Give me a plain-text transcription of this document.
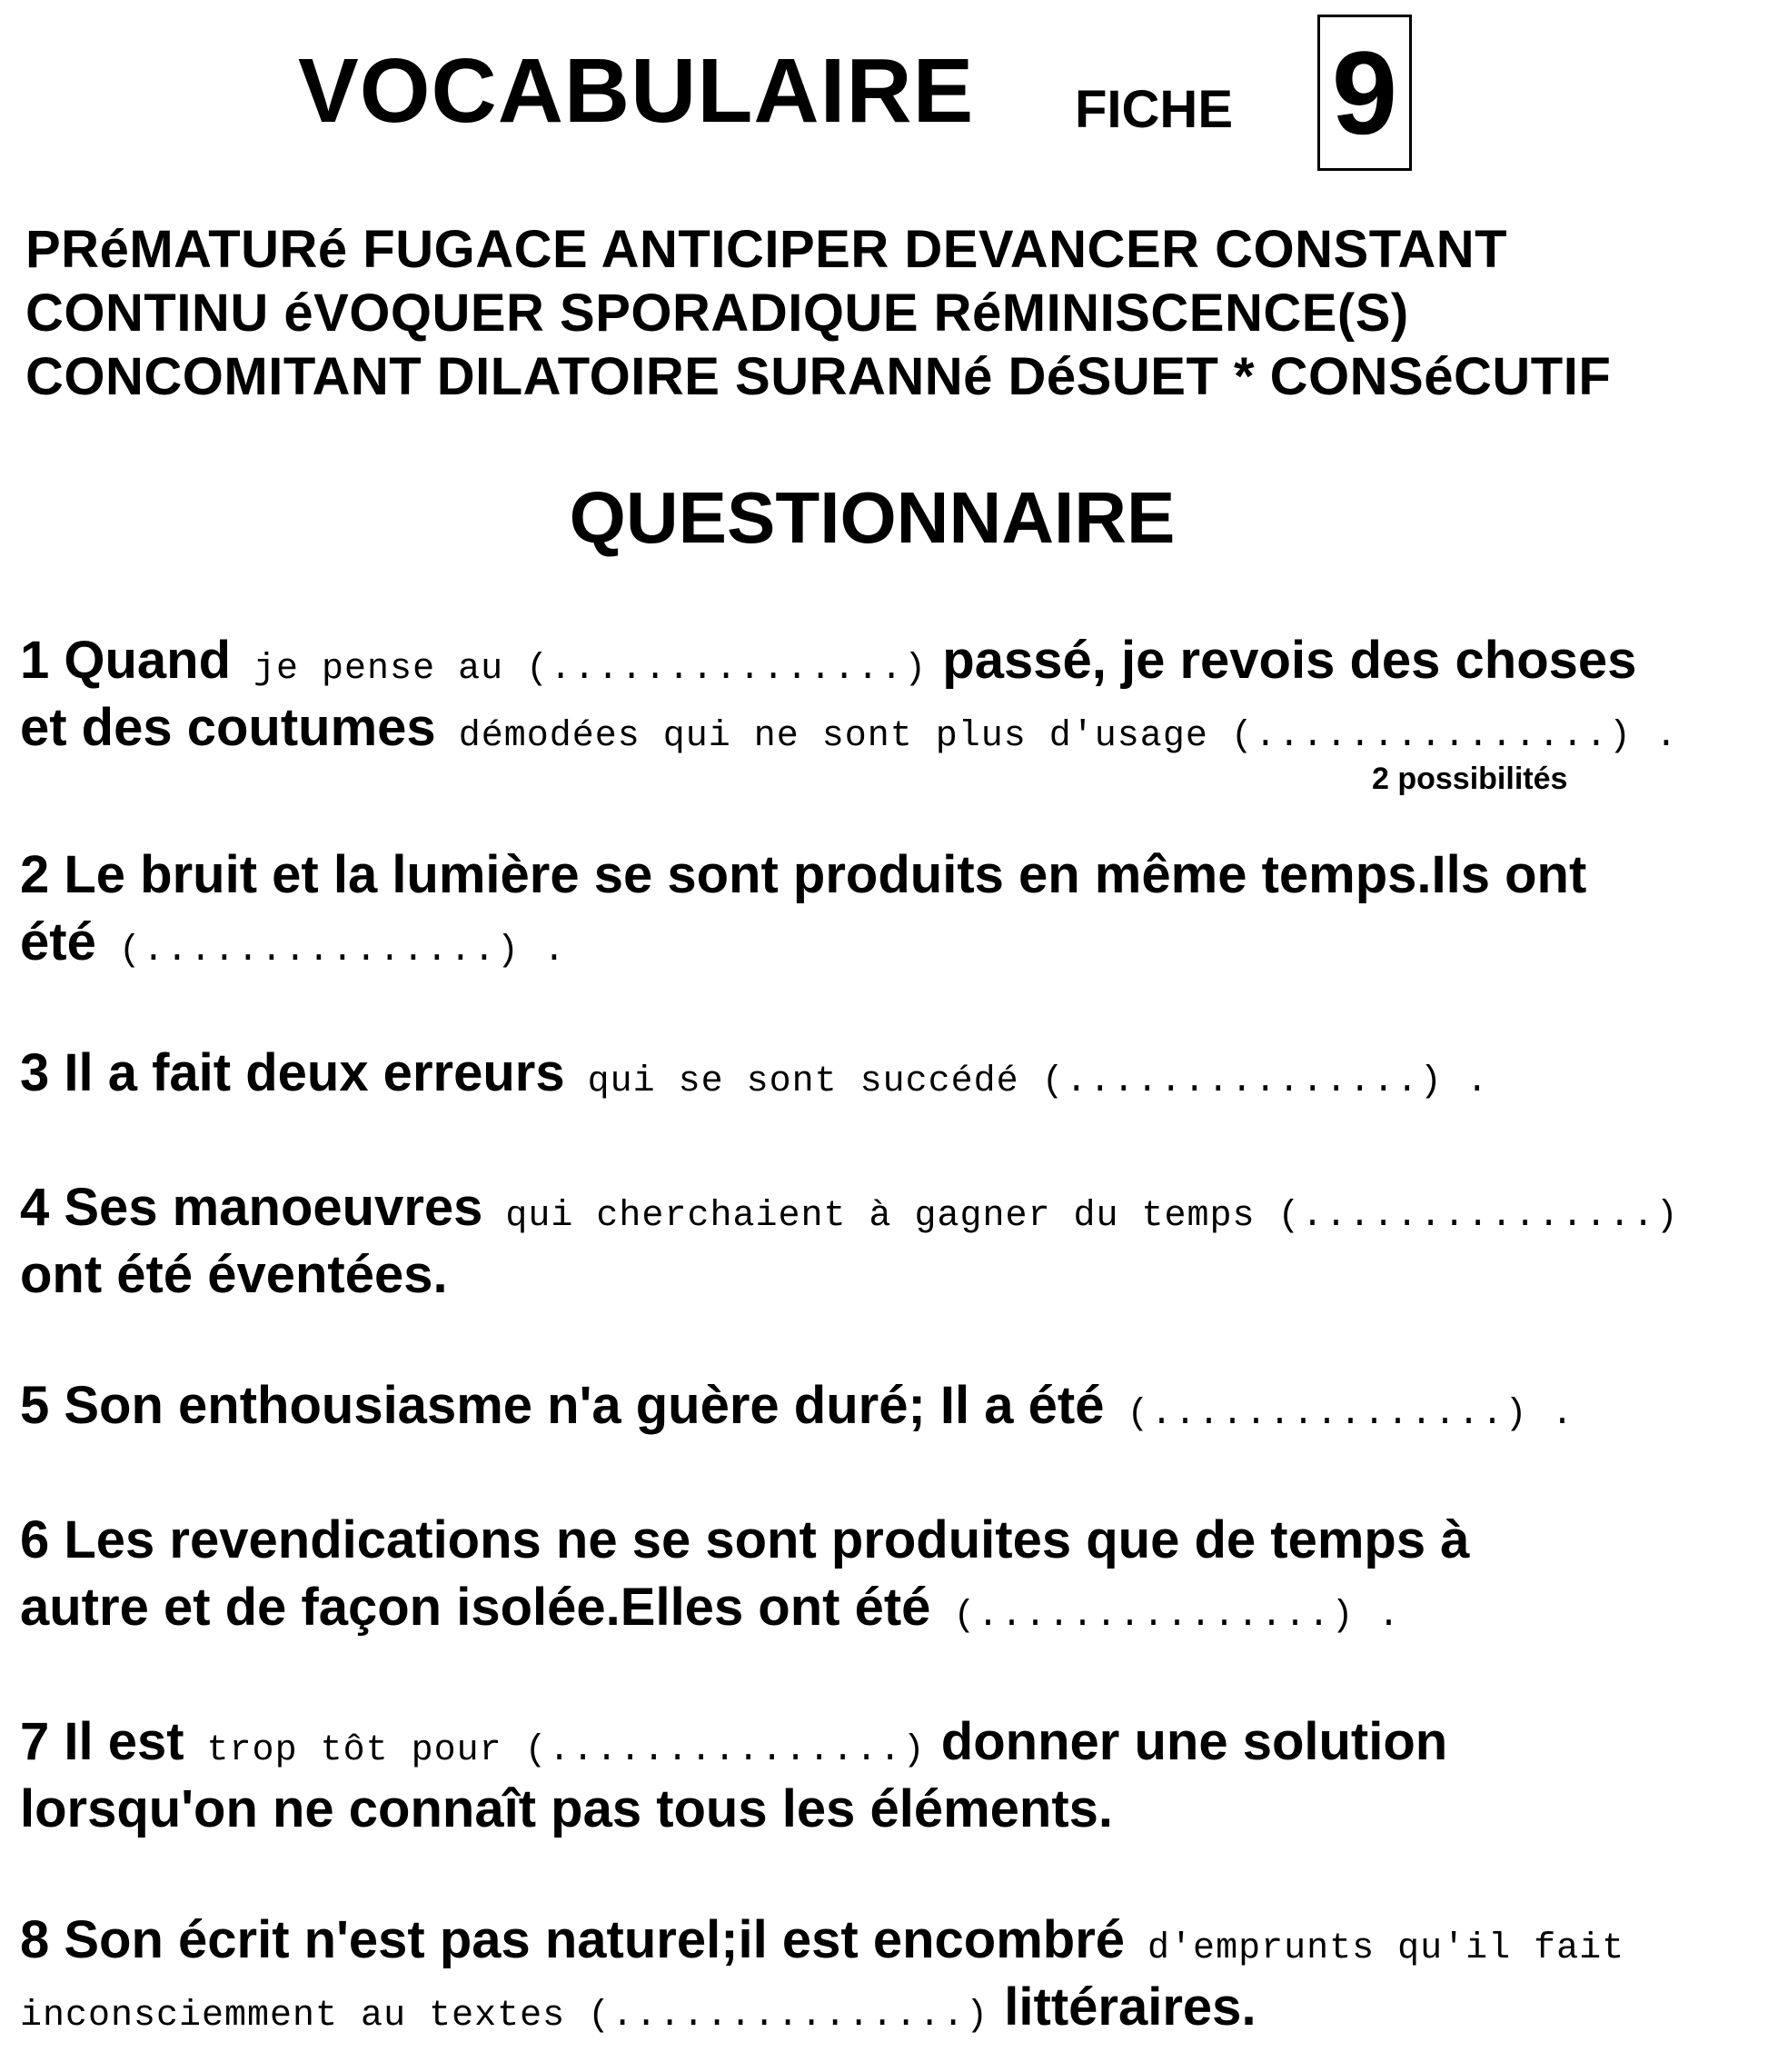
VOCABULAIRE FICHE 9
PRéMATURé FUGACE ANTICIPER DEVANCER CONSTANT
CONTINU éVOQUER SPORADIQUE RéMINISCENCE(S)
CONCOMITANT DILATOIRE SURANNé DéSUET * CONSéCUTIF
QUESTIONNAIRE
1 Quand je pense au (...............) passé, je revois des choses
et des coutumes démodées qui ne sont plus d'usage (...............) .
2 possibilités
2 Le bruit et la lumière se sont produits en même temps.Ils ont
été (...............) .
3 Il a fait deux erreurs qui se sont succédé (...............) .
4 Ses manoeuvres qui cherchaient à gagner du temps (...............)
ont été éventées.
5 Son enthousiasme n'a guère duré; Il a été (...............) .
6 Les revendications ne se sont produites que de temps à
autre et de façon isolée.Elles ont été (...............) .
7 Il est trop tôt pour (...............) donner une solution
lorsqu'on ne connaît pas tous les éléments.
8 Son écrit n'est pas naturel;il est encombré d'emprunts qu'il fait
inconsciemment au textes (...............) littéraires.
